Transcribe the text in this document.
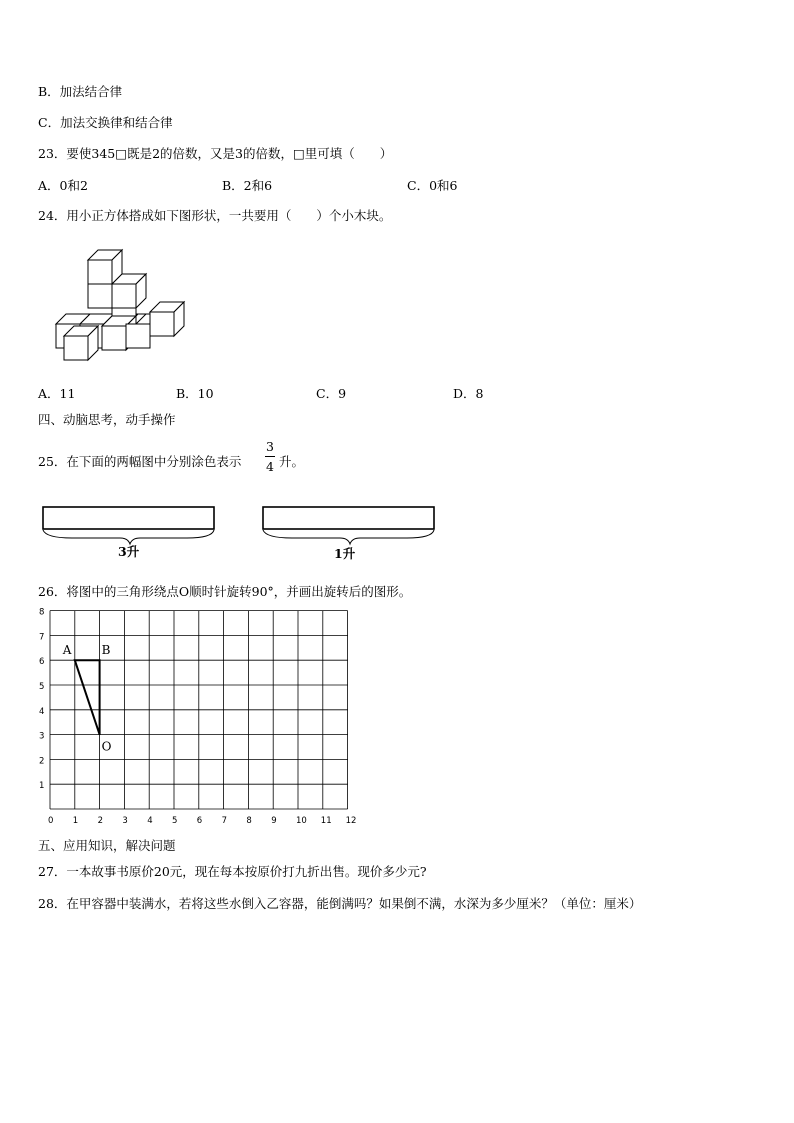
B．加法结合律
C．加法交换律和结合律
23．要使345□既是2的倍数，又是3的倍数，□里可填（　　）
A．0和2	B．2和6	C．0和6
24．用小正方体搭成如下图形状，一共要用（　　）个小木块。
A．11	B．10	C．9	D．8
四、动脑思考，动手操作
25．在下面的两幅图中分别涂色表示
3
4 升。
3升	1升
26．将图中的三角形绕点O顺时针旋转90°，并画出旋转后的图形。
0 1 2 3 4 5 6 7 8 9 10 11 12
1
2
3
4
5
6
7
8
A	B
O
五、应用知识，解决问题
27．一本故事书原价20元，现在每本按原价打九折出售。现价多少元?
28．在甲容器中装满水，若将这些水倒入乙容器，能倒满吗？如果倒不满，水深为多少厘米？（单位：厘米）
